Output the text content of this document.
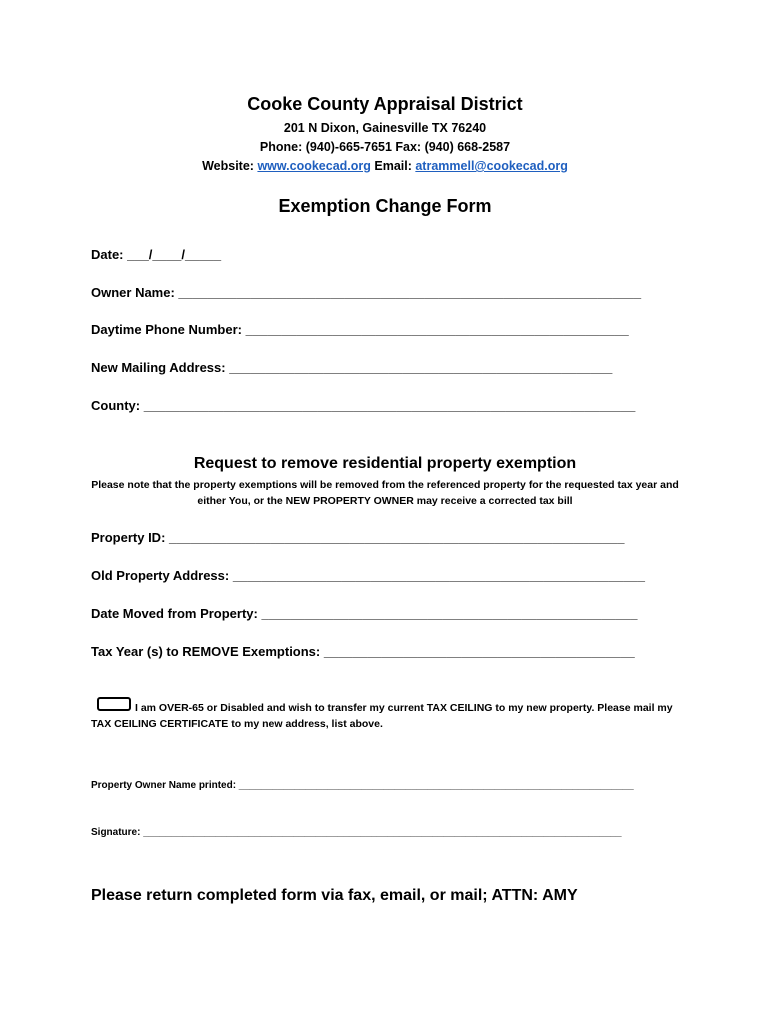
Cooke County Appraisal District
201 N Dixon, Gainesville TX 76240
Phone: (940)-665-7651 Fax: (940) 668-2587
Website: www.cookecad.org Email: atrammell@cookecad.org
Exemption Change Form
Date: ___/____/_____
Owner Name: ________________________________________________________________
Daytime Phone Number: _____________________________________________________
New Mailing Address: _____________________________________________________
County: ____________________________________________________________________
Request to remove residential property exemption
Please note that the property exemptions will be removed from the referenced property for the requested tax year and either You, or the NEW PROPERTY OWNER may receive a corrected tax bill
Property ID: _______________________________________________________________
Old Property Address: _________________________________________________________
Date Moved from Property: ____________________________________________________
Tax Year (s) to REMOVE Exemptions: ___________________________________________
I am OVER-65 or Disabled and wish to transfer my current TAX CEILING to my new property. Please mail my TAX CEILING CERTIFICATE to my new address, list above.
Property Owner Name printed: _______________________________________________________________________
Signature: ______________________________________________________________________________________
Please return completed form via fax, email, or mail; ATTN: AMY
